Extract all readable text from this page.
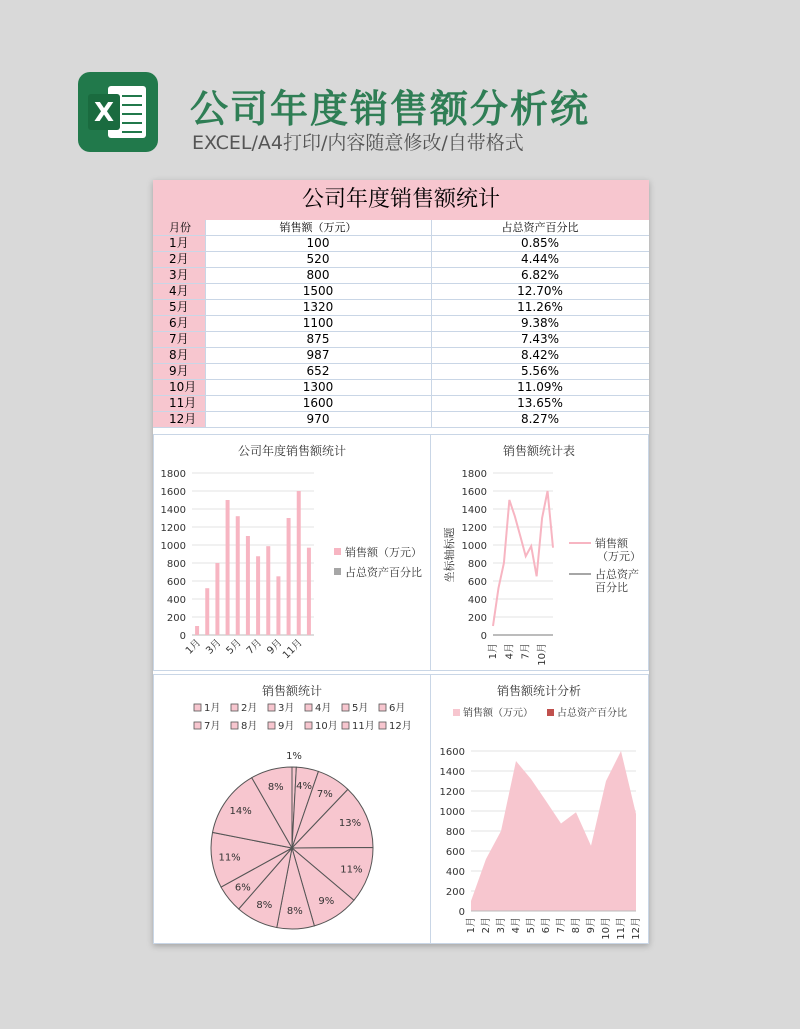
X 公司年度销售额分析统
EXCEL/A4打印/内容随意修改/自带格式
公司年度销售额统计
月份	销售额（万元）	占总资产百分比
1月	100	0.85%
2月	520	4.44%
3月	800	6.82%
4月	1500	12.70%
5月	1320	11.26%
6月	1100	9.38%
7月	875	7.43%
8月	987	8.42%
9月	652	5.56%
10月	1300	11.09%
11月	1600	13.65%
12月	970	8.27%
公司年度销售额统计
0
200
400
600
800
1000
1200
1400
1600
1800
1月 3月 5月 7月 9月
11月
销售额（万元）
占总资产百分比
销售额统计表
0
200
400
600
800
1000
1200
1400
1600
1800
坐标轴标题
1月 4月 7月 10月
销售额
（万元）
占总资产
百分比
销售额统计
1月 2月 3月 4月 5月 6月
7月 8月 9月 10月 11月 12月
1%
4%
7%
13%
11%
9%
8%
8%
6%
11%
14%
8%
销售额统计分析
销售额（万元） 占总资产百分比
0
200
400
600
800
1000
1200
1400
1600
1月 2月 3月 4月 5月 6月 7月 8月 9月 10月 11月 12月
